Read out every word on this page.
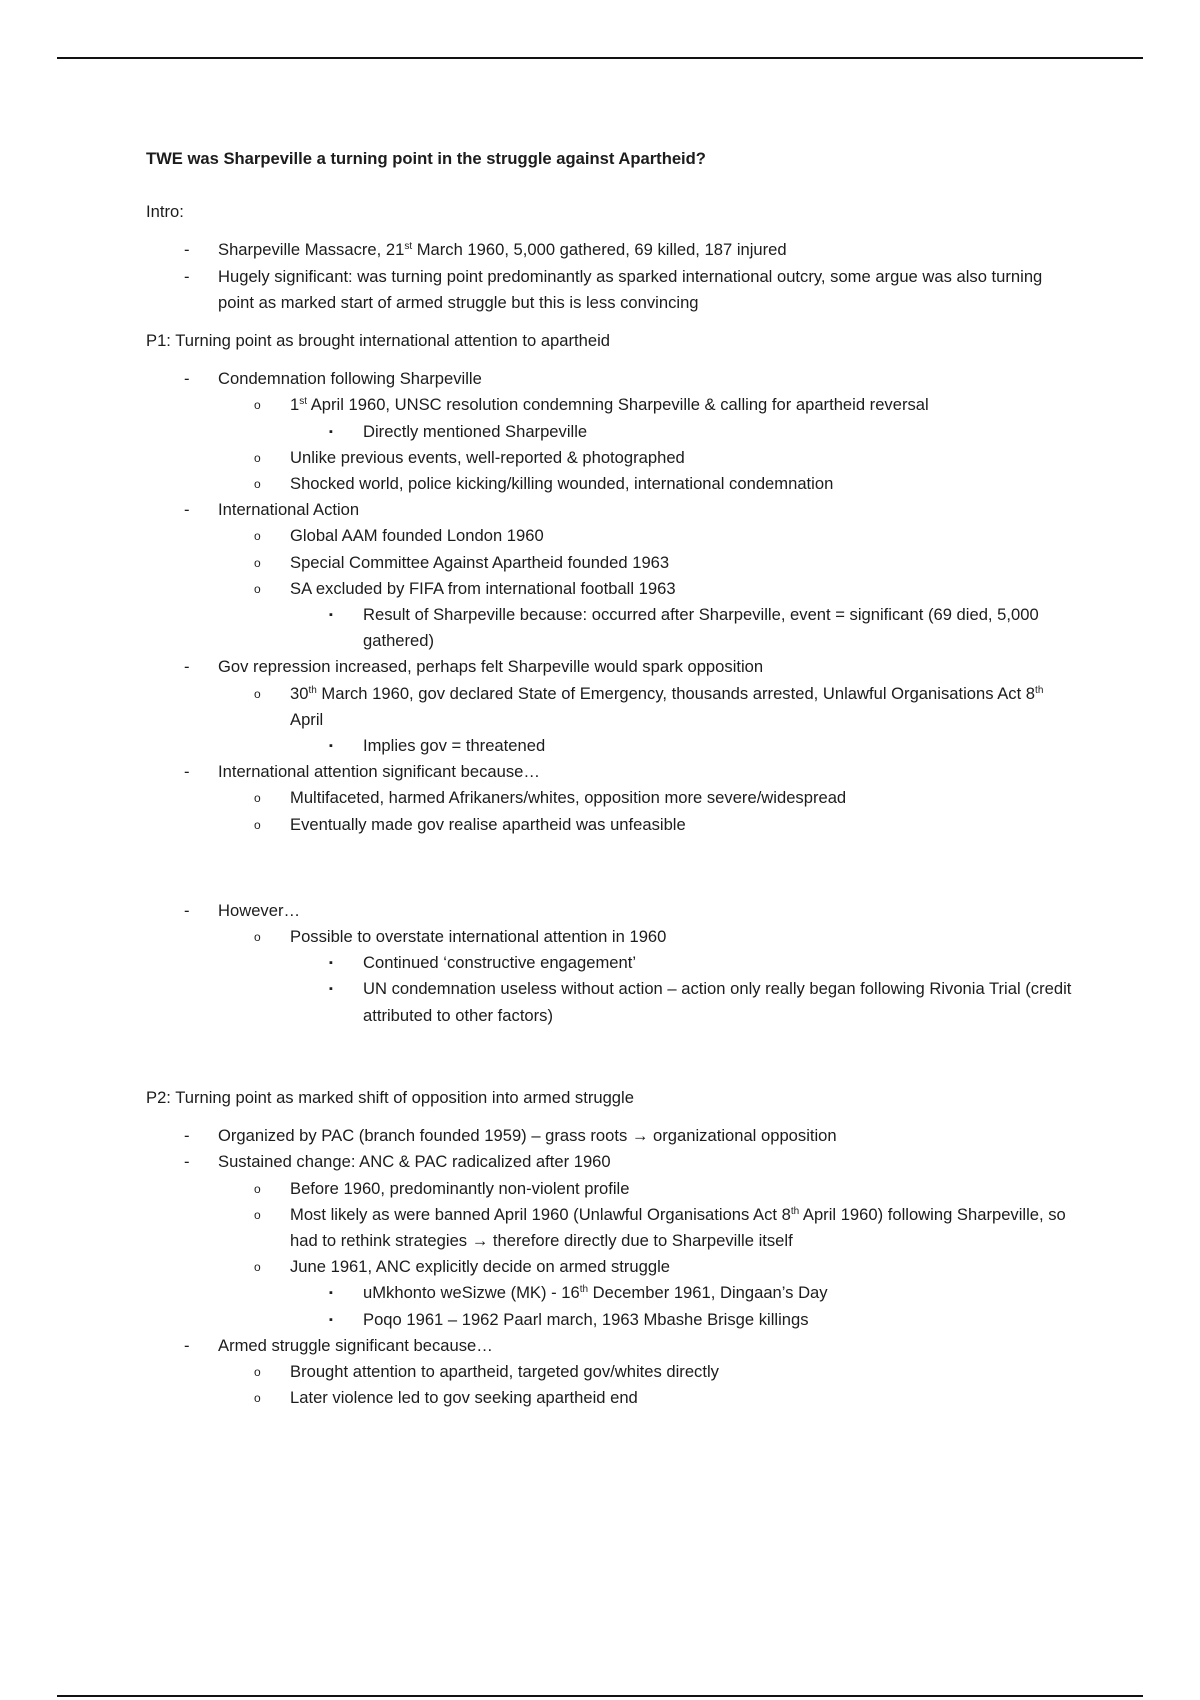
TWE was Sharpeville a turning point in the struggle against Apartheid?
Intro:
- Sharpeville Massacre, 21st March 1960, 5,000 gathered, 69 killed, 187 injured
- Hugely significant: was turning point predominantly as sparked international outcry, some argue was also turning point as marked start of armed struggle but this is less convincing
P1: Turning point as brought international attention to apartheid
- Condemnation following Sharpeville
o 1st April 1960, UNSC resolution condemning Sharpeville & calling for apartheid reversal
▪ Directly mentioned Sharpeville
o Unlike previous events, well-reported & photographed
o Shocked world, police kicking/killing wounded, international condemnation
- International Action
o Global AAM founded London 1960
o Special Committee Against Apartheid founded 1963
o SA excluded by FIFA from international football 1963
▪ Result of Sharpeville because: occurred after Sharpeville, event = significant (69 died, 5,000 gathered)
- Gov repression increased, perhaps felt Sharpeville would spark opposition
o 30th March 1960, gov declared State of Emergency, thousands arrested, Unlawful Organisations Act 8th April
▪ Implies gov = threatened
- International attention significant because…
o Multifaceted, harmed Afrikaners/whites, opposition more severe/widespread
o Eventually made gov realise apartheid was unfeasible
- However…
o Possible to overstate international attention in 1960
▪ Continued ‘constructive engagement’
▪ UN condemnation useless without action – action only really began following Rivonia Trial (credit attributed to other factors)
P2: Turning point as marked shift of opposition into armed struggle
- Organized by PAC (branch founded 1959) – grass roots → organizational opposition
- Sustained change: ANC & PAC radicalized after 1960
o Before 1960, predominantly non-violent profile
o Most likely as were banned April 1960 (Unlawful Organisations Act 8th April 1960) following Sharpeville, so had to rethink strategies → therefore directly due to Sharpeville itself
o June 1961, ANC explicitly decide on armed struggle
▪ uMkhonto weSizwe (MK) - 16th December 1961, Dingaan’s Day
▪ Poqo 1961 – 1962 Paarl march, 1963 Mbashe Brisge killings
- Armed struggle significant because…
o Brought attention to apartheid, targeted gov/whites directly
o Later violence led to gov seeking apartheid end
